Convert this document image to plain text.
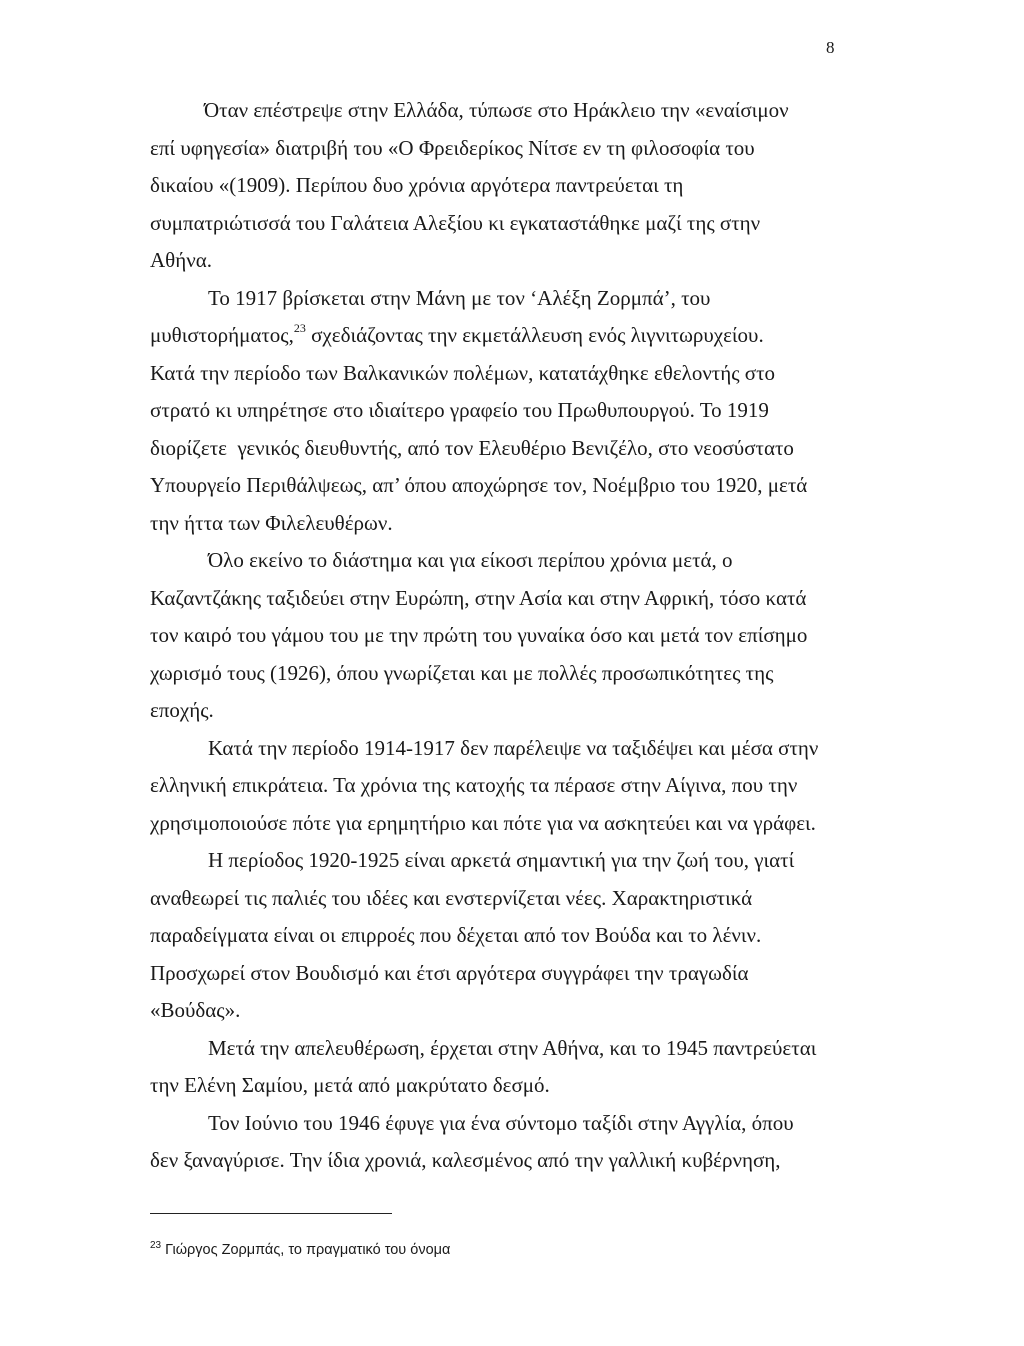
8
Όταν επέστρεψε στην Ελλάδα, τύπωσε στο Ηράκλειο την «εναίσιμον
επί υφηγεσία» διατριβή του «Ο Φρειδερίκος Νίτσε εν τη φιλοσοφία του
δικαίου «(1909). Περίπου δυο χρόνια αργότερα παντρεύεται τη
συμπατριώτισσά του Γαλάτεια Αλεξίου κι εγκαταστάθηκε μαζί της στην
Αθήνα.
Το 1917 βρίσκεται στην Μάνη με τον ‘Αλέξη Ζορμπά’, του
μυθιστορήματος,$^{23}$ σχεδιάζοντας την εκμετάλλευση ενός λιγνιτωρυχείου.
Κατά την περίοδο των Βαλκανικών πολέμων, κατατάχθηκε εθελοντής στο
στρατό κι υπηρέτησε στο ιδιαίτερο γραφείο του Πρωθυπουργού. Το 1919
διορίζετε  γενικός διευθυντής, από τον Ελευθέριο Βενιζέλο, στο νεοσύστατο
Υπουργείο Περιθάλψεως, απ’ όπου αποχώρησε τον, Νοέμβριο του 1920, μετά
την ήττα των Φιλελευθέρων.
Όλο εκείνο το διάστημα και για είκοσι περίπου χρόνια μετά, ο
Καζαντζάκης ταξιδεύει στην Ευρώπη, στην Ασία και στην Αφρική, τόσο κατά
τον καιρό του γάμου του με την πρώτη του γυναίκα όσο και μετά τον επίσημο
χωρισμό τους (1926), όπου γνωρίζεται και με πολλές προσωπικότητες της
εποχής.
Κατά την περίοδο 1914-1917 δεν παρέλειψε να ταξιδέψει και μέσα στην
ελληνική επικράτεια. Τα χρόνια της κατοχής τα πέρασε στην Αίγινα, που την
χρησιμοποιούσε πότε για ερημητήριο και πότε για να ασκητεύει και να γράφει.
Η περίοδος 1920-1925 είναι αρκετά σημαντική για την ζωή του, γιατί
αναθεωρεί τις παλιές του ιδέες και ενστερνίζεται νέες. Χαρακτηριστικά
παραδείγματα είναι οι επιρροές που δέχεται από τον Βούδα και το λένιν.
Προσχωρεί στον Βουδισμό και έτσι αργότερα συγγράφει την τραγωδία
«Βούδας».
Μετά την απελευθέρωση, έρχεται στην Αθήνα, και το 1945 παντρεύεται
την Ελένη Σαμίου, μετά από μακρύτατο δεσμό.
Τον Ιούνιο του 1946 έφυγε για ένα σύντομο ταξίδι στην Αγγλία, όπου
δεν ξαναγύρισε. Την ίδια χρονιά, καλεσμένος από την γαλλική κυβέρνηση,
$^{23}$ Γιώργος Ζορμπάς, το πραγματικό του όνομα
